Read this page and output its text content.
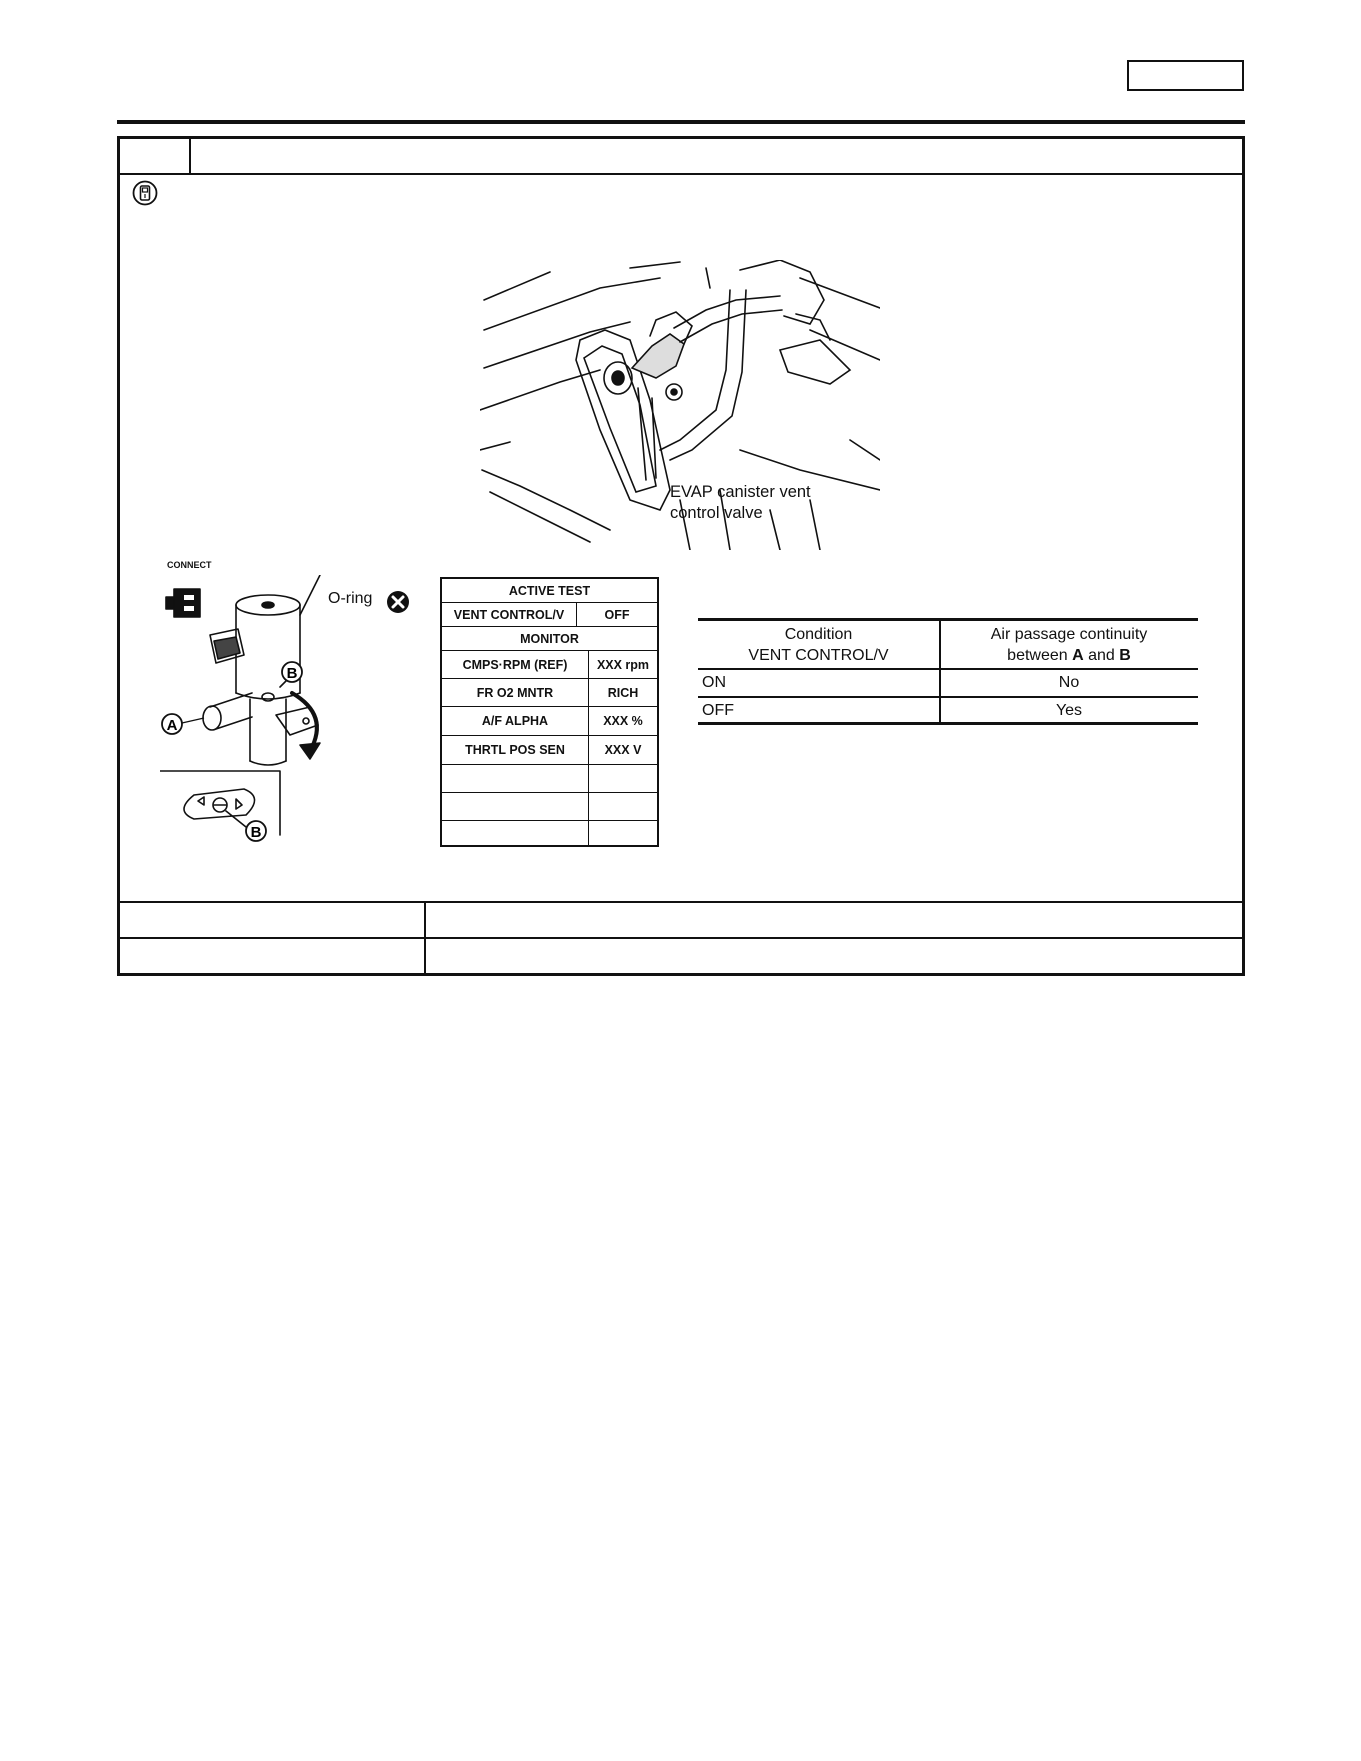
EVAP canister vent
control valve
A
B
B
CONNECT
O-ring	ACTIVE TEST
VENT CONTROL/V	OFF
MONITOR
CMPS·RPM (REF)	XXX rpm
FR O2 MNTR	RICH
A/F ALPHA	XXX %
THRTL POS SEN	XXX V
Condition
VENT CONTROL/V
Air passage continuity
between A and B
ON	No
OFF	Yes
